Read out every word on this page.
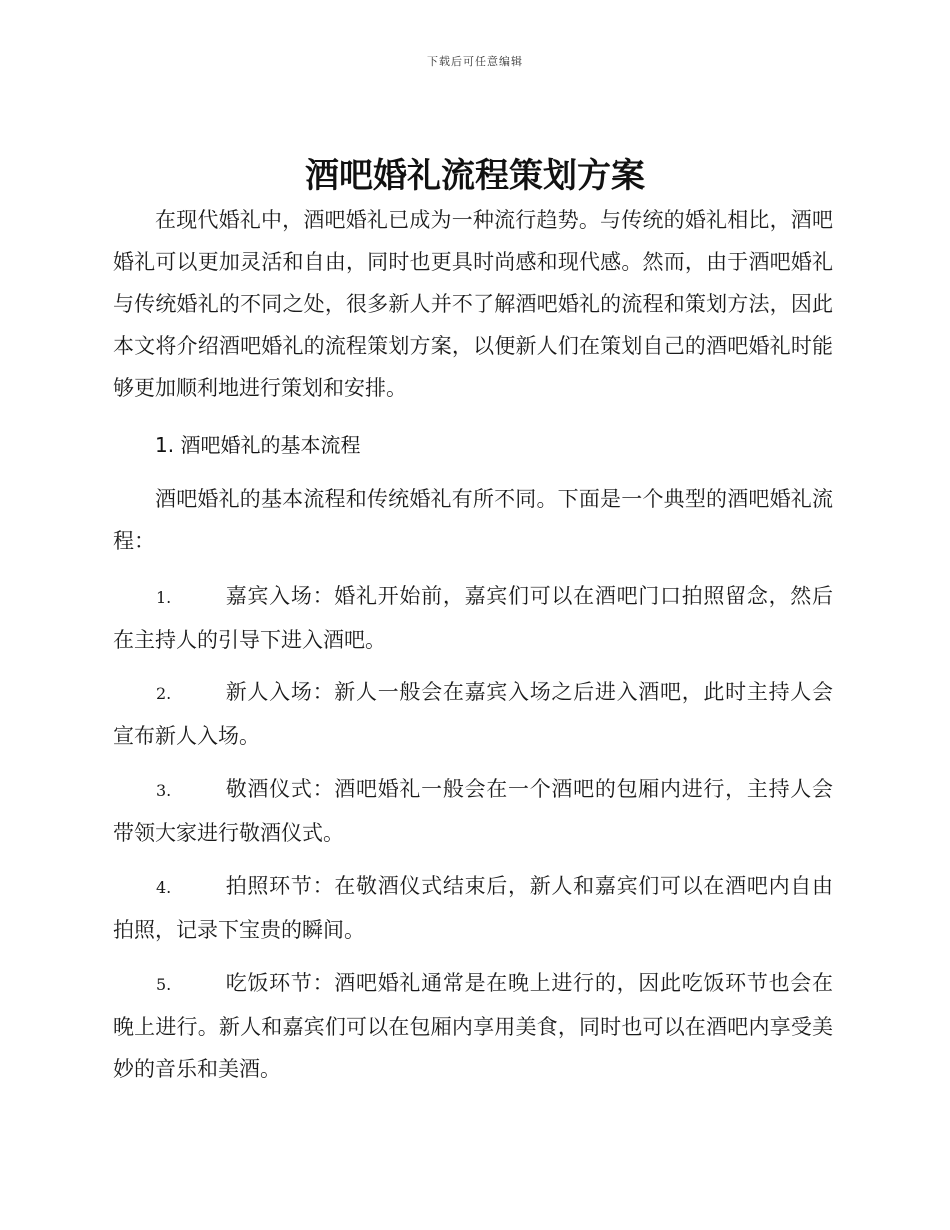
下载后可任意编辑
酒吧婚礼流程策划方案

在现代婚礼中，酒吧婚礼已成为一种流行趋势。与传统的婚礼相比，酒吧婚礼可以更加灵活和自由，同时也更具时尚感和现代感。然而，由于酒吧婚礼与传统婚礼的不同之处，很多新人并不了解酒吧婚礼的流程和策划方法，因此本文将介绍酒吧婚礼的流程策划方案，以便新人们在策划自己的酒吧婚礼时能够更加顺利地进行策划和安排。

1. 酒吧婚礼的基本流程

酒吧婚礼的基本流程和传统婚礼有所不同。下面是一个典型的酒吧婚礼流程：

1.	嘉宾入场：婚礼开始前，嘉宾们可以在酒吧门口拍照留念，然后在主持人的引导下进入酒吧。
2.	新人入场：新人一般会在嘉宾入场之后进入酒吧，此时主持人会宣布新人入场。
3.	敬酒仪式：酒吧婚礼一般会在一个酒吧的包厢内进行，主持人会带领大家进行敬酒仪式。
4.	拍照环节：在敬酒仪式结束后，新人和嘉宾们可以在酒吧内自由拍照，记录下宝贵的瞬间。
5.	吃饭环节：酒吧婚礼通常是在晚上进行的，因此吃饭环节也会在晚上进行。新人和嘉宾们可以在包厢内享用美食，同时也可以在酒吧内享受美妙的音乐和美酒。
